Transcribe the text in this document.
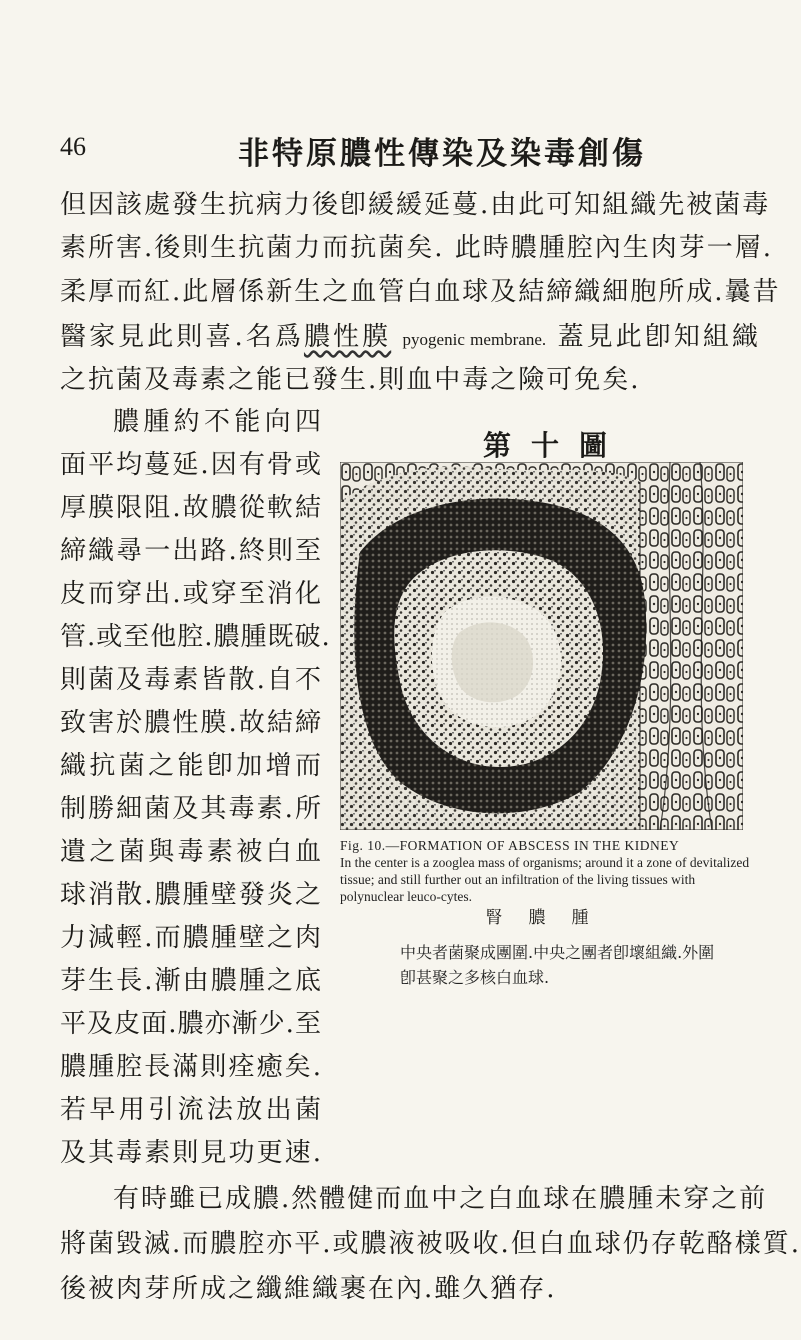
46	非特原膿性傳染及染毒創傷
但因該處發生抗病力後卽緩緩延蔓.由此可知組織先被菌毒
素所害.後則生抗菌力而抗菌矣. 此時膿腫腔內生肉芽一層.
柔厚而紅.此層係新生之血管白血球及結締織細胞所成.曩昔
醫家見此則喜.名爲膿性膜 pyogenic membrane. 蓋見此卽知組織
之抗菌及毒素之能已發生.則血中毒之險可免矣.
膿腫約不能向四
面平均蔓延.因有骨或
厚膜限阻.故膿從軟結
締織尋一出路.終則至
皮而穿出.或穿至消化
管.或至他腔.膿腫既破.
則菌及毒素皆散.自不
致害於膿性膜.故結締
織抗菌之能卽加增而
制勝細菌及其毒素.所
遺之菌與毒素被白血
球消散.膿腫壁發炎之
力減輕.而膿腫壁之肉
芽生長.漸由膿腫之底
平及皮面.膿亦漸少.至
膿腫腔長滿則痊癒矣.
若早用引流法放出菌
及其毒素則見功更速.
第十圖
Fig. 10.—FORMATION OF ABSCESS IN THE KIDNEY
In the center is a zooglea mass of organisms; around it a zone of devitalized tissue; and still further out an infiltration of the living tissues with polynuclear leuco-cytes.
腎膿腫
中央者菌聚成團圍.中央之團者卽壞組織.外圍卽甚聚之多核白血球.
有時雖已成膿.然體健而血中之白血球在膿腫未穿之前
將菌毀滅.而膿腔亦平.或膿液被吸收.但白血球仍存乾酪樣質.
後被肉芽所成之纖維織裹在內.雖久猶存.
